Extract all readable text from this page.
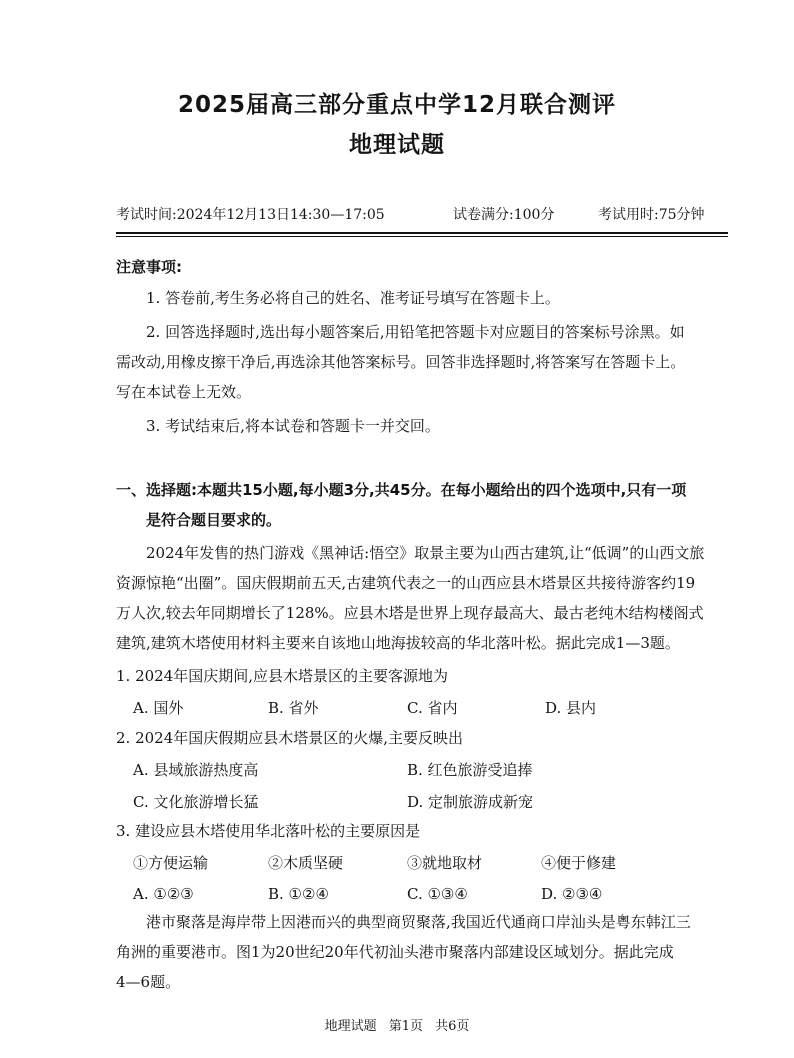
2025届高三部分重点中学12月联合测评
地理试题
考试时间:2024年12月13日14:30—17:05	试卷满分:100分	考试用时:75分钟
注意事项:
1. 答卷前,考生务必将自己的姓名、准考证号填写在答题卡上。
2. 回答选择题时,选出每小题答案后,用铅笔把答题卡对应题目的答案标号涂黑。如
需改动,用橡皮擦干净后,再选涂其他答案标号。回答非选择题时,将答案写在答题卡上。
写在本试卷上无效。
3. 考试结束后,将本试卷和答题卡一并交回。
一、选择题:本题共15小题,每小题3分,共45分。在每小题给出的四个选项中,只有一项
是符合题目要求的。
2024年发售的热门游戏《黑神话:悟空》取景主要为山西古建筑,让“低调”的山西文旅
资源惊艳“出圈”。国庆假期前五天,古建筑代表之一的山西应县木塔景区共接待游客约19
万人次,较去年同期增长了128%。应县木塔是世界上现存最高大、最古老纯木结构楼阁式
建筑,建筑木塔使用材料主要来自该地山地海拔较高的华北落叶松。据此完成1—3题。
1. 2024年国庆期间,应县木塔景区的主要客源地为
A. 国外	B. 省外	C. 省内	D. 县内
2. 2024年国庆假期应县木塔景区的火爆,主要反映出
A. 县域旅游热度高	B. 红色旅游受追捧
C. 文化旅游增长猛	D. 定制旅游成新宠
3. 建设应县木塔使用华北落叶松的主要原因是
①方便运输	②木质坚硬	③就地取材	④便于修建
A. ①②③	B. ①②④	C. ①③④	D. ②③④
港市聚落是海岸带上因港而兴的典型商贸聚落,我国近代通商口岸汕头是粤东韩江三
角洲的重要港市。图1为20世纪20年代初汕头港市聚落内部建设区域划分。据此完成
4—6题。
地理试题 第1页 共6页
